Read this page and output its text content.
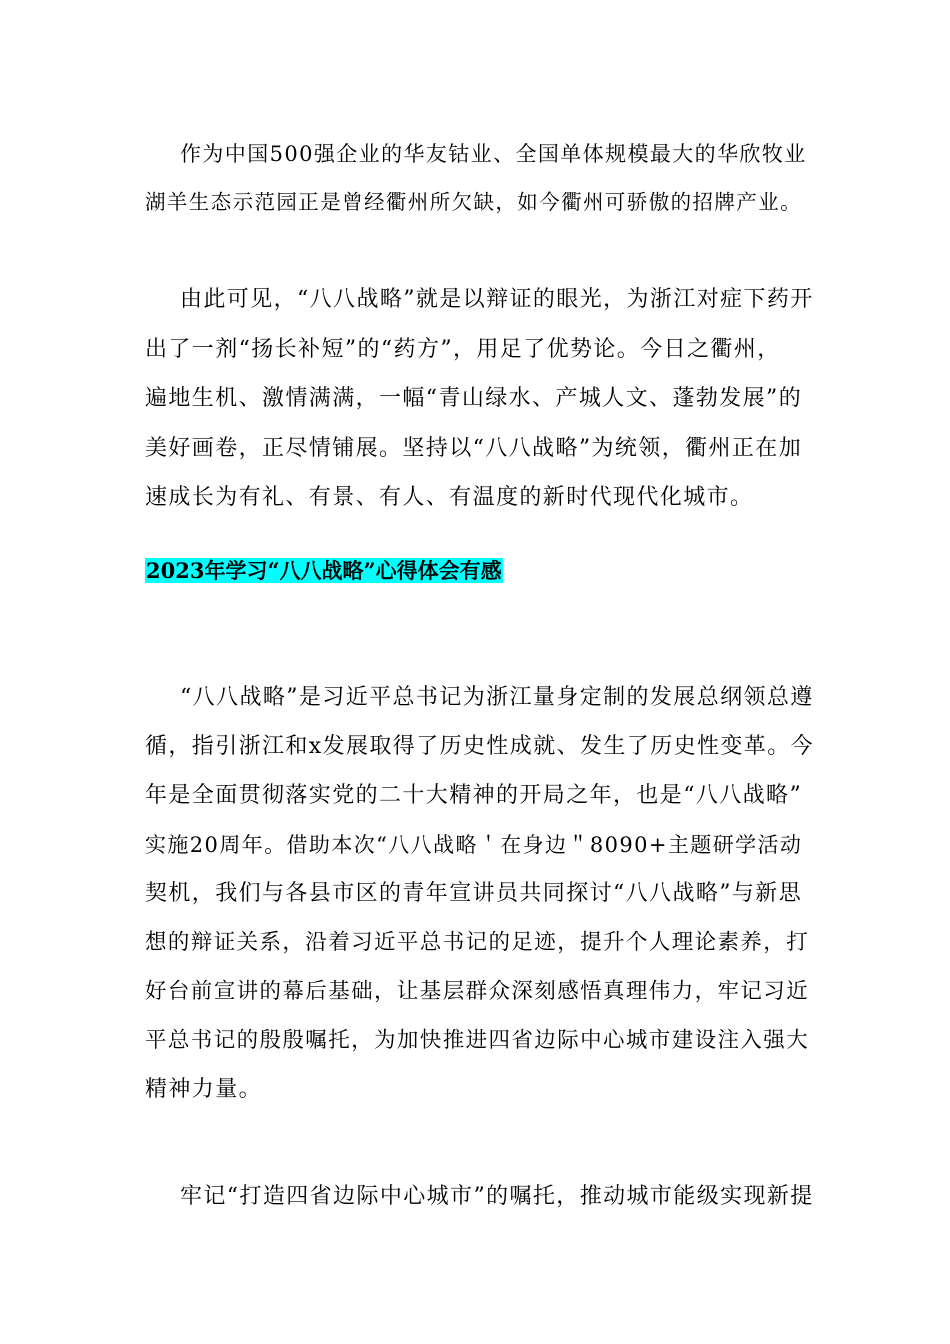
作为中国500强企业的华友钴业、全国单体规模最大的华欣牧业
湖羊生态示范园正是曾经衢州所欠缺，如今衢州可骄傲的招牌产业。
由此可见，“八八战略”就是以辩证的眼光，为浙江对症下药开
出了一剂“扬长补短”的“药方”，用足了优势论。今日之衢州，
遍地生机、激情满满，一幅“青山绿水、产城人文、蓬勃发展”的
美好画卷，正尽情铺展。坚持以“八八战略”为统领，衢州正在加
速成长为有礼、有景、有人、有温度的新时代现代化城市。
2023年学习“八八战略”心得体会有感
“八八战略”是习近平总书记为浙江量身定制的发展总纲领总遵
循，指引浙江和x发展取得了历史性成就、发生了历史性变革。今
年是全面贯彻落实党的二十大精神的开局之年，也是“八八战略”
实施20周年。借助本次“八八战略＇在身边＂8090+主题研学活动
契机，我们与各县市区的青年宣讲员共同探讨“八八战略”与新思
想的辩证关系，沿着习近平总书记的足迹，提升个人理论素养，打
好台前宣讲的幕后基础，让基层群众深刻感悟真理伟力，牢记习近
平总书记的殷殷嘱托，为加快推进四省边际中心城市建设注入强大
精神力量。
牢记“打造四省边际中心城市”的嘱托，推动城市能级实现新提
